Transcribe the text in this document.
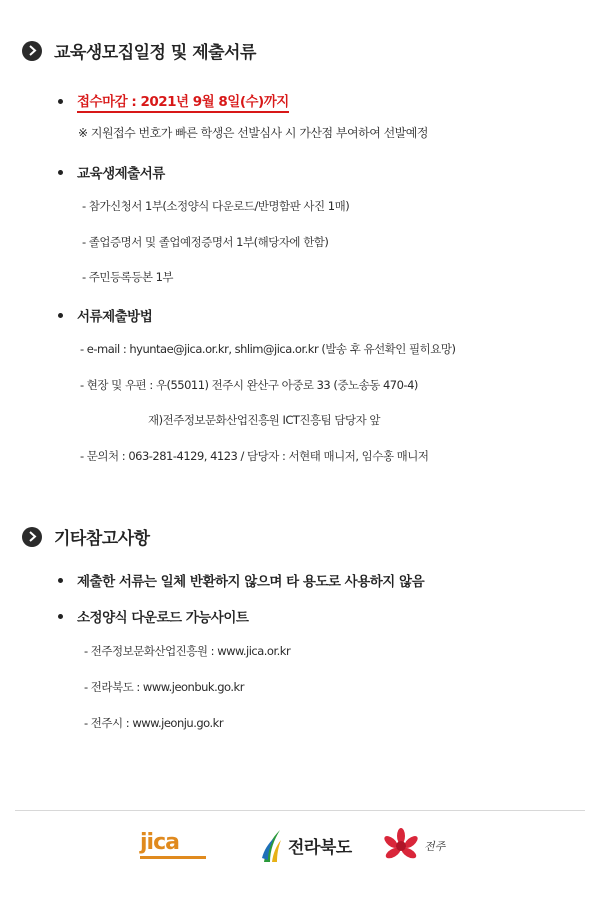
교육생모집일정 및 제출서류
접수마감 : 2021년 9월 8일(수)까지
※ 지원접수 번호가 빠른 학생은 선발심사 시 가산점 부여하여 선발예정
교육생제출서류
- 참가신청서 1부(소정양식 다운로드/반명함판 사진 1매)
- 졸업증명서 및 졸업예정증명서 1부(해당자에 한함)
- 주민등록등본 1부
서류제출방법
- e-mail : hyuntae@jica.or.kr, shlim@jica.or.kr (발송 후 유선확인 필히요망)
- 현장 및 우편 : 우(55011) 전주시 완산구 아중로 33 (중노송동 470-4)
재)전주정보문화산업진흥원 ICT진흥팀 담당자 앞
- 문의처 : 063-281-4129, 4123 / 담당자 : 서현태 매니저, 임수홍 매니저
기타참고사항
제출한 서류는 일체 반환하지 않으며 타 용도로 사용하지 않음
소정양식 다운로드 가능사이트
- 전주정보문화산업진흥원 : www.jica.or.kr
- 전라북도 : www.jeonbuk.go.kr
- 전주시 : www.jeonju.go.kr
jica	전라북도	전주
